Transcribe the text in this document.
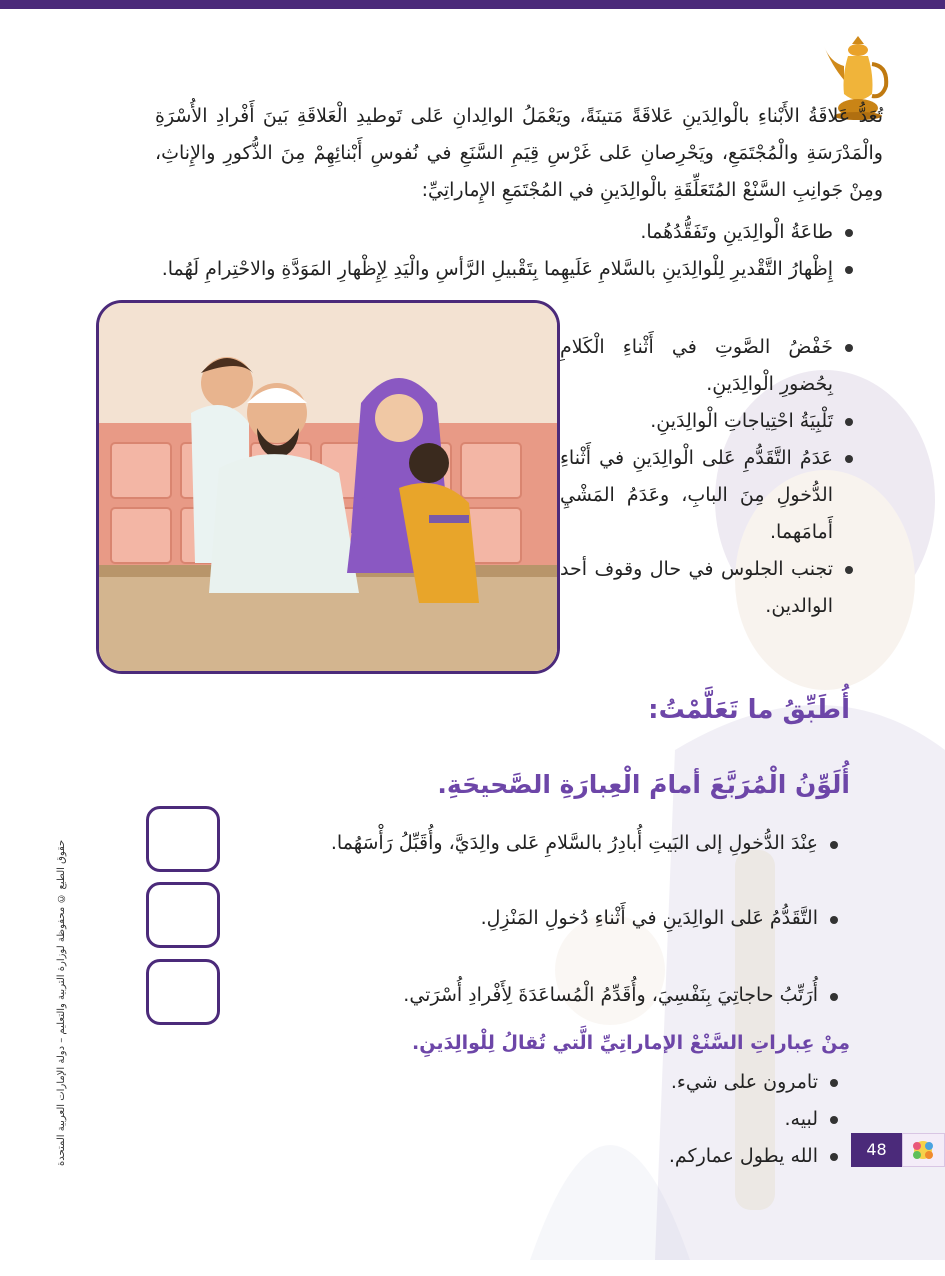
تُعَدُّ عَلاقَةُ الأَبْناءِ بالْوالِدَينِ عَلاقَةً مَتينَةً، ويَعْمَلُ الوالِدانِ عَلى تَوطيدِ الْعَلاقَةِ بَينَ أَفْرادِ الأُسْرَةِ والْمَدْرَسَةِ والْمُجْتَمَعِ، ويَحْرِصانِ عَلى غَرْسِ قِيَمِ السَّنَعِ في نُفوسِ أَبْنائِهِمْ مِنَ الذُّكورِ والإِناثِ، ومِنْ جَوانِبِ السَّنْعْ المُتَعَلِّقَةِ بالْوالِدَينِ في المُجْتَمَعِ الإِماراتِيِّ:
طاعَةُ الْوالِدَينِ وتَفَقُّدُهُما.
إِظْهارُ التَّقْديرِ لِلْوالِدَينِ بالسَّلامِ عَلَيهِما بِتَقْبيلِ الرَّأسِ والْيَدِ لِإِظْهارِ المَوَدَّةِ والاحْتِرامِ لَهُما.
خَفْضُ الصَّوتِ في أَثْناءِ الْكَلامِ بِحُضورِ الْوالِدَينِ.
تَلْبِيَةُ احْتِياجاتِ الْوالِدَينِ.
عَدَمُ التَّقَدُّمِ عَلى الْوالِدَينِ في أَثْناءِ الدُّخولِ مِنَ البابِ، وعَدَمُ المَشْيِ أَمامَهما.
تجنب الجلوس في حال وقوف أحد الوالدين.
أُطَبِّقُ ما تَعَلَّمْتُ:
أُلَوِّنُ الْمُرَبَّعَ أمامَ الْعِبارَةِ الصَّحيحَةِ.
عِنْدَ الدُّخولِ إلى البَيتِ أُبادِرُ بالسَّلامِ عَلى والِدَيَّ، وأُقَبِّلُ رَأْسَهُما.
التَّقَدُّمُ عَلى الوالِدَينِ في أَثْناءِ دُخولِ المَنْزِلِ.
أُرَتِّبُ حاجاتِيَ بِنَفْسِيَ، وأُقَدِّمُ الْمُساعَدَةَ لِأَفْرادِ أُسْرَتي.
مِنْ عِباراتِ السَّنْعْ الإماراتِيِّ الَّتي تُقالُ لِلْوالِدَينِ.
تامرون على شيء.
لبيه.
الله يطول عماركم.
حقوق الطبع © محفوظة لوزارة التربية والتعليم – دولة الإمارات العربية المتحدة	48
